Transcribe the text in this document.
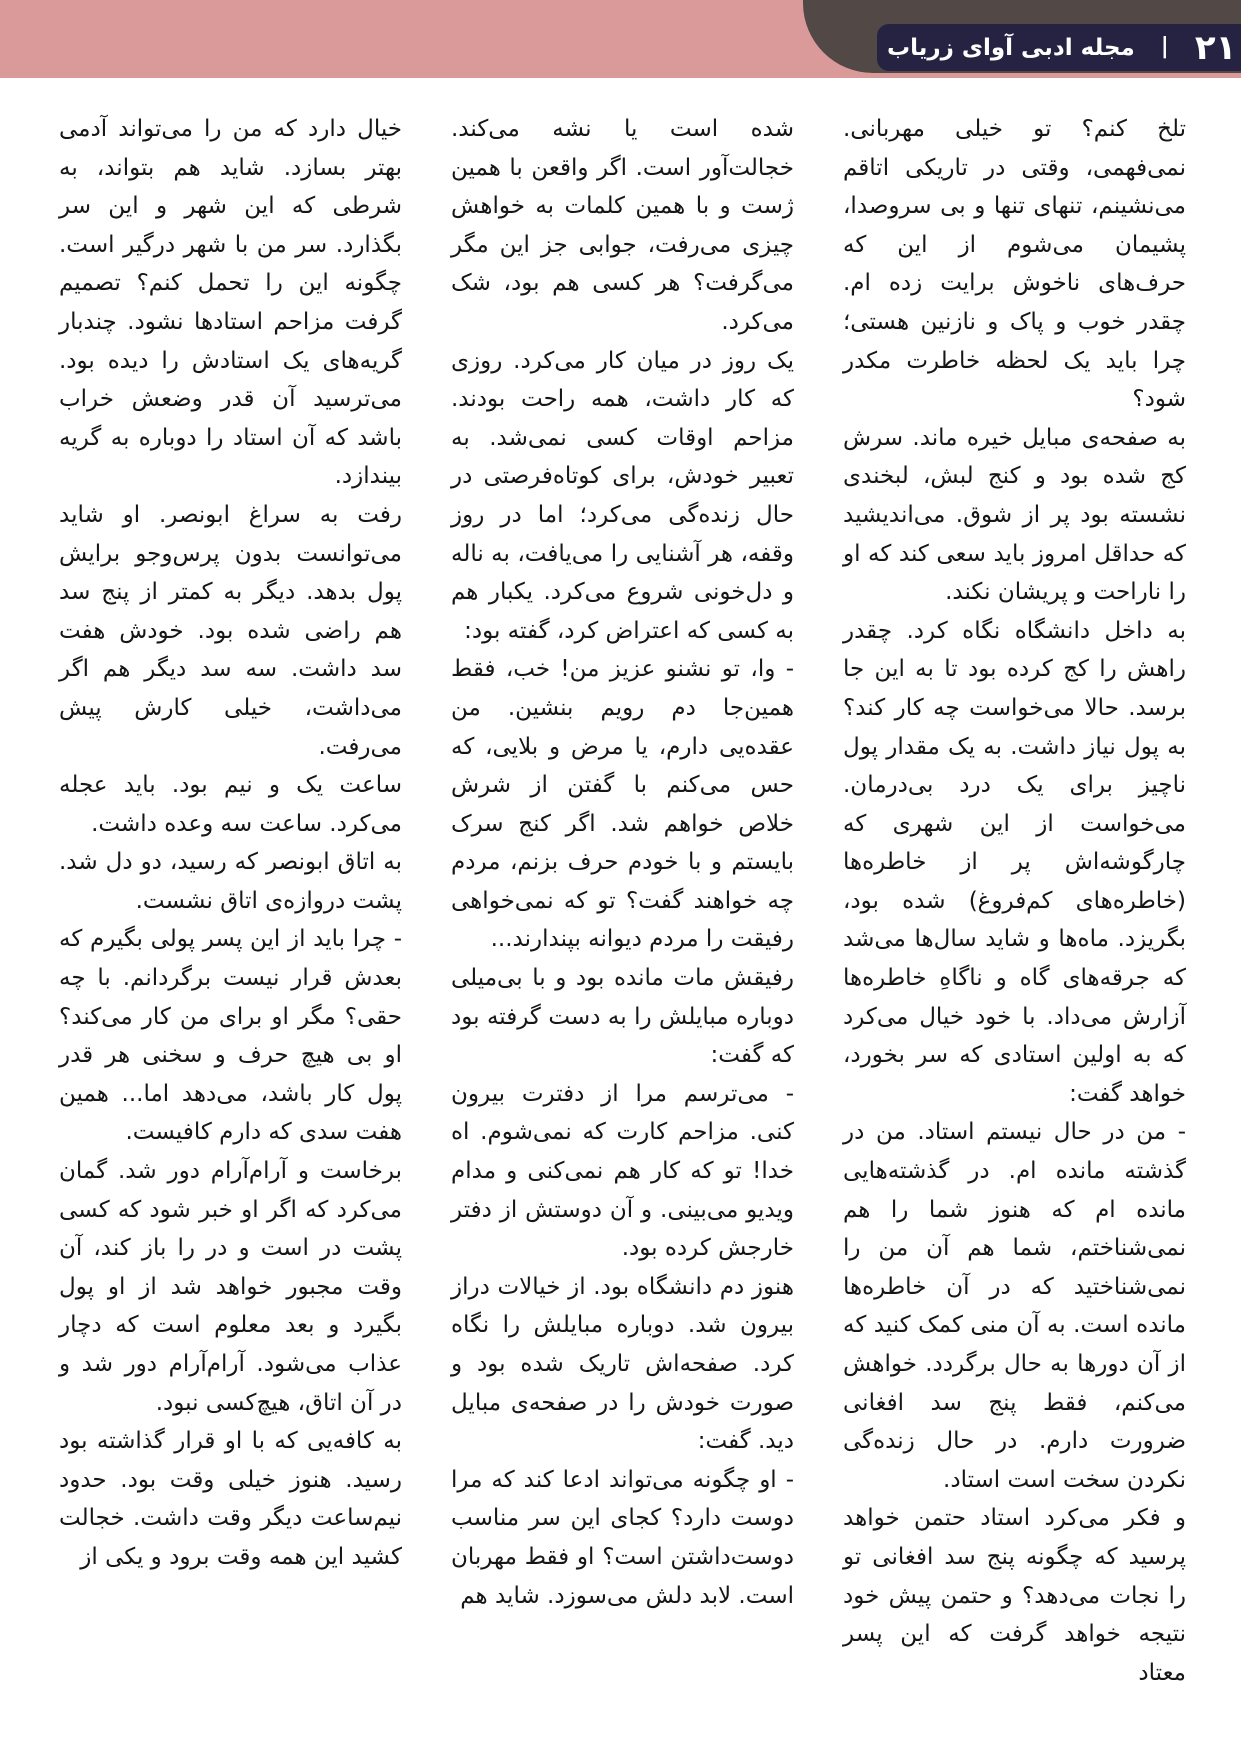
مجله ادبی آوای زریاب | ۲۱

تلخ کنم؟ تو خیلی مهربانی. نمی‌فهمی، وقتی در تاریکی اتاقم می‌نشینم، تنهای تنها و بی سروصدا، پشیمان می‌شوم از این که حرف‌های ناخوش برایت زده ام. چقدر خوب و پاک و نازنین هستی؛ چرا باید یک لحظه خاطرت مکدر شود؟

به صفحه‌ی مبایل خیره ماند. سرش کج شده بود و کنج لبش، لبخندی نشسته بود پر از شوق. می‌اندیشید که حداقل امروز باید سعی کند که او را ناراحت و پریشان نکند.

به داخل دانشگاه نگاه کرد. چقدر راهش را کج کرده بود تا به این جا برسد. حالا می‌خواست چه کار کند؟ به پول نیاز داشت. به یک مقدار پول ناچیز برای یک درد بی‌درمان. می‌خواست از این شهری که چارگوشه‌اش پر از خاطره‌ها (خاطره‌های کم‌فروغ) شده بود، بگریزد. ماه‌ها و شاید سال‌ها می‌شد که جرقه‌های گاه و ناگاهِ خاطره‌ها آزارش می‌داد. با خود خیال می‌کرد که به اولین استادی که سر بخورد، خواهد گفت:

- من در حال نیستم استاد. من در گذشته مانده ام. در گذشته‌هایی مانده ام که هنوز شما را هم نمی‌شناختم، شما هم آن من را نمی‌شناختید که در آن خاطره‌ها مانده است. به آن منی کمک کنید که از آن دورها به حال برگردد. خواهش می‌کنم، فقط پنج سد افغانی ضرورت دارم. در حال زنده‌گی نکردن سخت است استاد.

و فکر می‌کرد استاد حتمن خواهد پرسید که چگونه پنج سد افغانی تو را نجات می‌دهد؟ و حتمن پیش خود نتیجه خواهد گرفت که این پسر معتاد

شده است یا نشه می‌کند. خجالت‌آور است. اگر واقعن با همین ژست و با همین کلمات به خواهش چیزی می‌رفت، جوابی جز این مگر می‌گرفت؟ هر کسی هم بود، شک می‌کرد.

یک روز در میان کار می‌کرد. روزی که کار داشت، همه راحت بودند. مزاحم اوقات کسی نمی‌شد. به تعبیر خودش، برای کوتاه‌فرصتی در حال زنده‌گی می‌کرد؛ اما در روز وقفه، هر آشنایی را می‌یافت، به ناله و دل‌خونی شروع می‌کرد. یکبار هم به کسی که اعتراض کرد، گفته بود:

- وا، تو نشنو عزیز من! خب، فقط همین‌جا دم رویم بنشین. من عقده‌یی دارم، یا مرض و بلایی، که حس می‌کنم با گفتن از شرش خلاص خواهم شد. اگر کنج سرک بایستم و با خودم حرف بزنم، مردم چه خواهند گفت؟ تو که نمی‌خواهی رفیقت را مردم دیوانه بپندارند...

رفیقش مات مانده بود و با بی‌میلی دوباره مبایلش را به دست گرفته بود که گفت:

- می‌ترسم مرا از دفترت بیرون کنی. مزاحم کارت که نمی‌شوم. اه خدا! تو که کار هم نمی‌کنی و مدام ویدیو می‌بینی. و آن دوستش از دفتر خارجش کرده بود.

هنوز دم دانشگاه بود. از خیالات دراز بیرون شد. دوباره مبایلش را نگاه کرد. صفحه‌اش تاریک شده بود و صورت خودش را در صفحه‌ی مبایل دید. گفت:

- او چگونه می‌تواند ادعا کند که مرا دوست دارد؟ کجای این سر مناسب دوست‌داشتن است؟ او فقط مهربان است. لابد دلش می‌سوزد. شاید هم

خیال دارد که من را می‌تواند آدمی بهتر بسازد. شاید هم بتواند، به شرطی که این شهر و این سر بگذارد. سر من با شهر درگیر است. چگونه این را تحمل کنم؟ تصمیم گرفت مزاحم استادها نشود. چندبار گریه‌های یک استادش را دیده بود. می‌ترسید آن قدر وضعش خراب باشد که آن استاد را دوباره به گریه بیندازد.

رفت به سراغ ابونصر. او شاید می‌توانست بدون پرس‌وجو برایش پول بدهد. دیگر به کمتر از پنج سد هم راضی شده بود. خودش هفت سد داشت. سه سد دیگر هم اگر می‌داشت، خیلی کارش پیش می‌رفت.

ساعت یک و نیم بود. باید عجله می‌کرد. ساعت سه وعده داشت.

به اتاق ابونصر که رسید، دو دل شد. پشت دروازه‌ی اتاق نشست.

- چرا باید از این پسر پولی بگیرم که بعدش قرار نیست برگردانم. با چه حقی؟ مگر او برای من کار می‌کند؟ او بی هیچ حرف و سخنی هر قدر پول کار باشد، می‌دهد اما... همین هفت سدی که دارم کافیست.

برخاست و آرام‌آرام دور شد. گمان می‌کرد که اگر او خبر شود که کسی پشت در است و در را باز کند، آن وقت مجبور خواهد شد از او پول بگیرد و بعد معلوم است که دچار عذاب می‌شود. آرام‌آرام دور شد و در آن اتاق، هیچ‌کسی نبود.

به کافه‌یی که با او قرار گذاشته بود رسید. هنوز خیلی وقت بود. حدود نیم‌ساعت دیگر وقت داشت. خجالت کشید این همه وقت برود و یکی از
